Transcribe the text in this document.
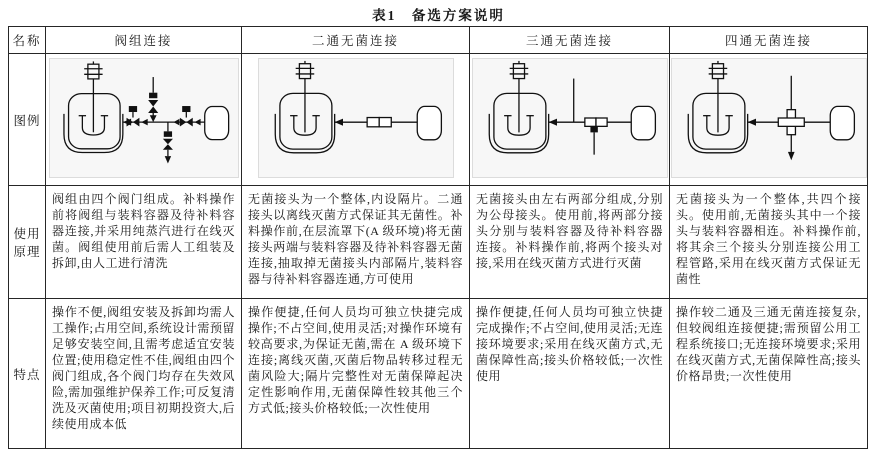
表1　备选方案说明
名称	阀组连接	二通无菌连接	三通无菌连接	四通无菌连接
图例				
使用原理	阀组由四个阀门组成。补料操作前将阀组与装料容器及待补料容器连接,并采用纯蒸汽进行在线灭菌。阀组使用前后需人工组装及拆卸,由人工进行清洗	无菌接头为一个整体,内设隔片。二通接头以离线灭菌方式保证其无菌性。补料操作前,在层流罩下(A 级环境)将无菌接头两端与装料容器及待补料容器无菌连接,抽取掉无菌接头内部隔片,装料容器与待补料容器连通,方可使用	无菌接头由左右两部分组成,分别为公母接头。使用前,将两部分接头分别与装料容器及待补料容器连接。补料操作前,将两个接头对接,采用在线灭菌方式进行灭菌	无菌接头为一个整体,共四个接头。使用前,无菌接头其中一个接头与装料容器相连。补料操作前,将其余三个接头分别连接公用工程管路,采用在线灭菌方式保证无菌性
特点	操作不便,阀组安装及拆卸均需人工操作;占用空间,系统设计需预留足够安装空间,且需考虑适宜安装位置;使用稳定性不佳,阀组由四个阀门组成,各个阀门均存在失效风险,需加强维护保养工作;可反复清洗及灭菌使用;项目初期投资大,后续使用成本低	操作便捷,任何人员均可独立快捷完成操作;不占空间,使用灵活;对操作环境有较高要求,为保证无菌,需在 A 级环境下连接;离线灭菌,灭菌后物品转移过程无菌风险大;隔片完整性对无菌保障起决定性影响作用,无菌保障性较其他三个方式低;接头价格较低;一次性使用	操作便捷,任何人员均可独立快捷完成操作;不占空间,使用灵活;无连接环境要求;采用在线灭菌方式,无菌保障性高;接头价格较低;一次性使用	操作较二通及三通无菌连接复杂,但较阀组连接便捷;需预留公用工程系统接口;无连接环境要求;采用在线灭菌方式,无菌保障性高;接头价格昂贵;一次性使用
